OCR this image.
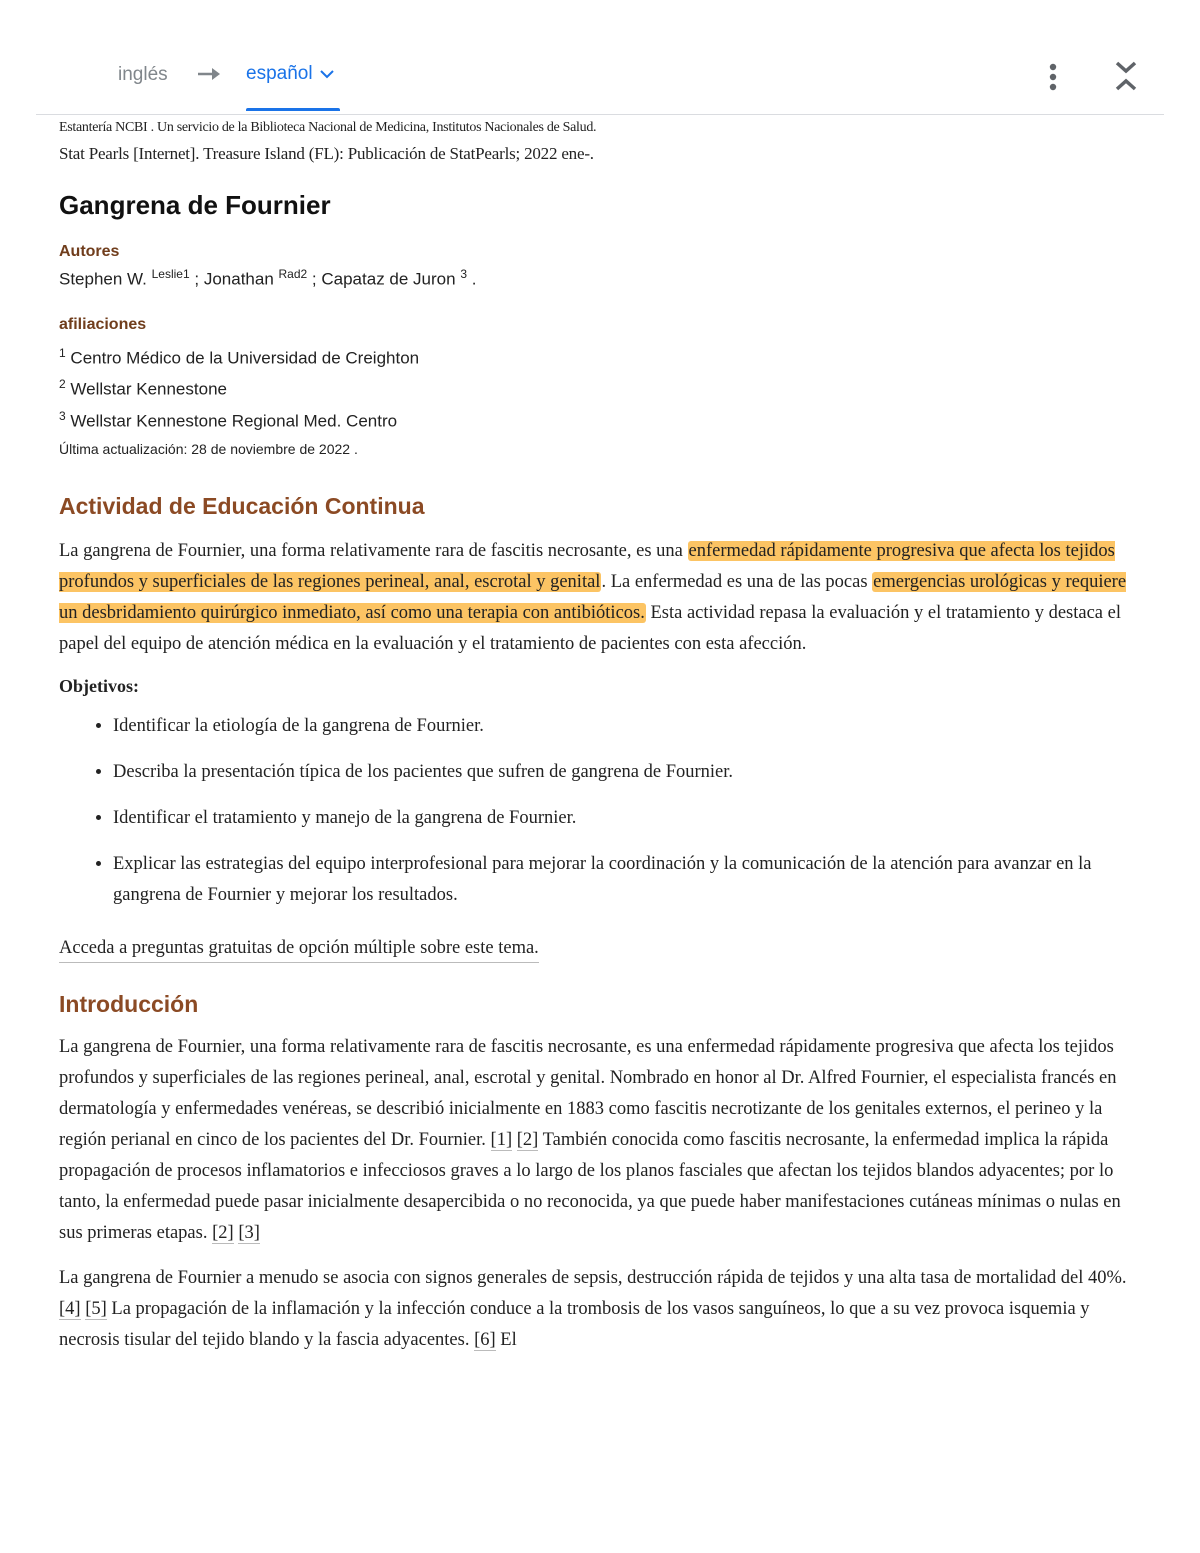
inglés	español

Estantería NCBI . Un servicio de la Biblioteca Nacional de Medicina, Institutos Nacionales de Salud.

Stat Pearls [Internet]. Treasure Island (FL): Publicación de StatPearls; 2022 ene-.

Gangrena de Fournier

Autores

Stephen W. $^{Leslie1}$ ; Jonathan $^{Rad2}$ ; Capataz de Juron $^3$ .

afiliaciones

$^1$ Centro Médico de la Universidad de Creighton
$^2$ Wellstar Kennestone
$^3$ Wellstar Kennestone Regional Med. Centro

Última actualización: 28 de noviembre de 2022 .

Actividad de Educación Continua

La gangrena de Fournier, una forma relativamente rara de fascitis necrosante, es una enfermedad rápidamente progresiva que afecta los tejidos profundos y superficiales de las regiones perineal, anal, escrotal y genital. La enfermedad es una de las pocas emergencias urológicas y requiere un desbridamiento quirúrgico inmediato, así como una terapia con antibióticos. Esta actividad repasa la evaluación y el tratamiento y destaca el papel del equipo de atención médica en la evaluación y el tratamiento de pacientes con esta afección.

Objetivos:

• Identificar la etiología de la gangrena de Fournier.
• Describa la presentación típica de los pacientes que sufren de gangrena de Fournier.
• Identificar el tratamiento y manejo de la gangrena de Fournier.
• Explicar las estrategias del equipo interprofesional para mejorar la coordinación y la comunicación de la atención para avanzar en la gangrena de Fournier y mejorar los resultados.
Acceda a preguntas gratuitas de opción múltiple sobre este tema.
Introducción

La gangrena de Fournier, una forma relativamente rara de fascitis necrosante, es una enfermedad rápidamente progresiva que afecta los tejidos profundos y superficiales de las regiones perineal, anal, escrotal y genital. Nombrado en honor al Dr. Alfred Fournier, el especialista francés en dermatología y enfermedades venéreas, se describió inicialmente en 1883 como fascitis necrotizante de los genitales externos, el perineo y la región perianal en cinco de los pacientes del Dr. Fournier. [1] [2] También conocida como fascitis necrosante, la enfermedad implica la rápida propagación de procesos inflamatorios e infecciosos graves a lo largo de los planos fasciales que afectan los tejidos blandos adyacentes; por lo tanto, la enfermedad puede pasar inicialmente desapercibida o no reconocida, ya que puede haber manifestaciones cutáneas mínimas o nulas en sus primeras etapas. [2] [3]

La gangrena de Fournier a menudo se asocia con signos generales de sepsis, destrucción rápida de tejidos y una alta tasa de mortalidad del 40%. [4] [5] La propagación de la inflamación y la infección conduce a la trombosis de los vasos sanguíneos, lo que a su vez provoca isquemia y necrosis tisular del tejido blando y la fascia adyacentes. [6] El
